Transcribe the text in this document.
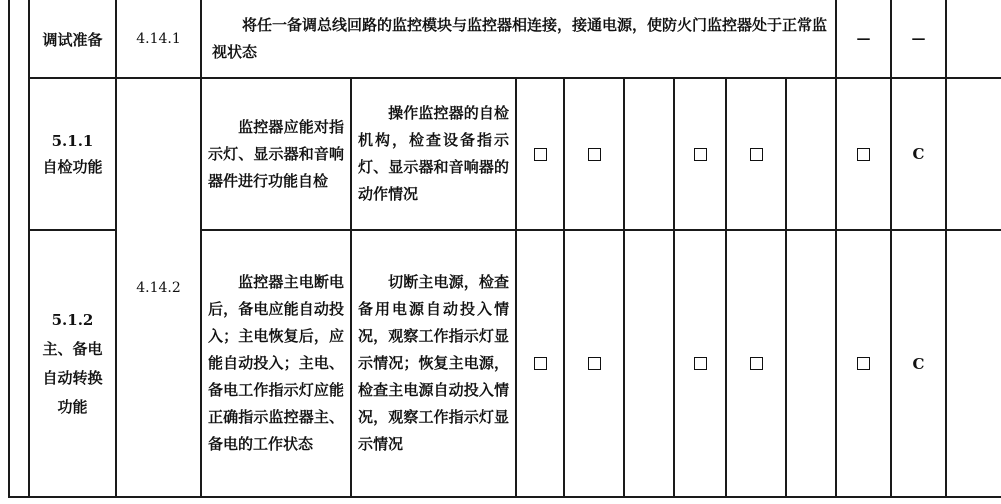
调试准备	4.14.1
将任一备调总线回路的监控模块与监控器相连接，接通电源，使防火门监控器处于正常监视状态
—	—
4.14.2
5.1.1
自检功能
监控器应能对指示灯、显示器和音响器件进行功能自检
操作监控器的自检机构，检查设备指示灯、显示器和音响器的动作情况
C
5.1.2
主、备电
自动转换
功能
监控器主电断电后，备电应能自动投入；主电恢复后，应能自动投入；主电、备电工作指示灯应能正确指示监控器主、备电的工作状态
切断主电源，检查备用电源自动投入情况，观察工作指示灯显示情况；恢复主电源，检查主电源自动投入情况，观察工作指示灯显示情况
C
